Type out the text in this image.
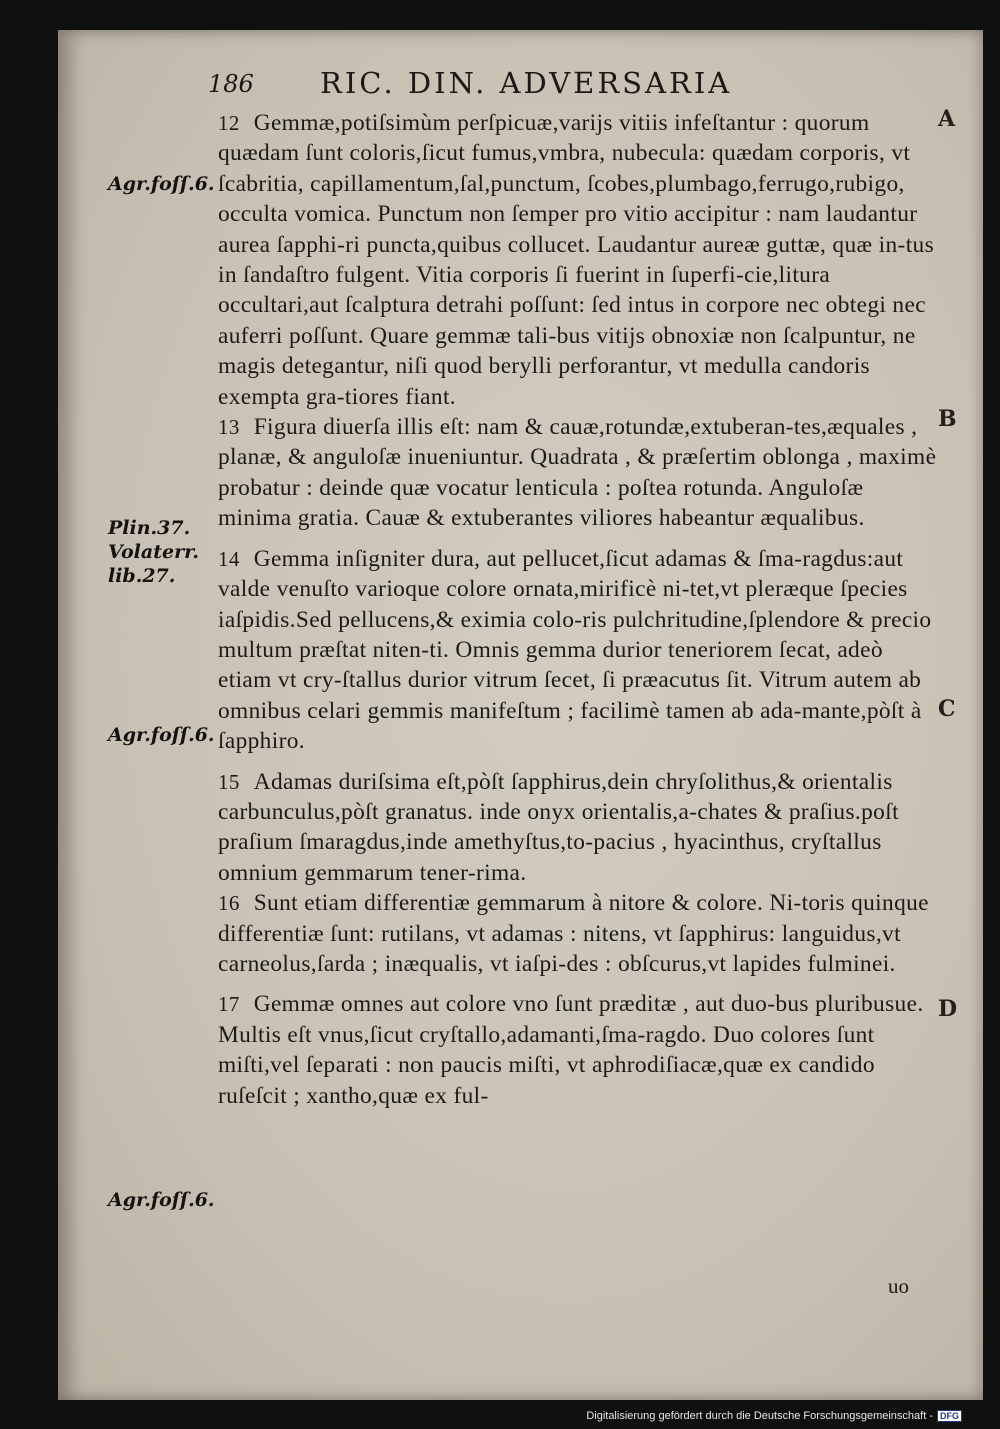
186 RIC. DIN. ADVERSARIA

12 Gemmæ,potiſsimùm perſpicuæ,varijs vitiis infeſtantur : quorum quædam ſunt coloris,ſicut fumus,vmbra, nubecula: quædam corporis, vt ſcabritia, capillamentum,ſal,punctum, ſcobes,plumbago,ferrugo,rubigo, occulta vomica. Punctum non ſemper pro vitio accipitur : nam laudantur aurea ſapphi-ri puncta,quibus collucet. Laudantur aureæ guttæ, quæ in-tus in ſandaſtro fulgent. Vitia corporis ſi fuerint in ſuperfi-cie,litura occultari,aut ſcalptura detrahi poſſunt: ſed intus in corpore nec obtegi nec auferri poſſunt. Quare gemmæ tali-bus vitijs obnoxiæ non ſcalpuntur, ne magis detegantur, niſi quod berylli perforantur, vt medulla candoris exempta gra-tiores fiant.

13 Figura diuerſa illis eſt: nam & cauæ,rotundæ,extuberan-tes,æquales , planæ, & anguloſæ inueniuntur. Quadrata , & præſertim oblonga , maximè probatur : deinde quæ vocatur lenticula : poſtea rotunda. Anguloſæ minima gratia. Cauæ & extuberantes viliores habeantur æqualibus.

14 Gemma inſigniter dura, aut pellucet,ſicut adamas & ſma-ragdus:aut valde venuſto varioque colore ornata,mirificè ni-tet,vt pleræque ſpecies iaſpidis.Sed pellucens,& eximia colo-ris pulchritudine,ſplendore & precio multum præſtat niten-ti. Omnis gemma durior teneriorem ſecat, adeò etiam vt cry-ſtallus durior vitrum ſecet, ſi præacutus ſit. Vitrum autem ab omnibus celari gemmis manifeſtum ; facilimè tamen ab ada-mante,pòſt à ſapphiro.

15 Adamas duriſsima eſt,pòſt ſapphirus,dein chryſolithus,& orientalis carbunculus,pòſt granatus. inde onyx orientalis,a-chates & praſius.poſt praſium ſmaragdus,inde amethyſtus,to-pacius , hyacinthus, cryſtallus omnium gemmarum tener-rima.

16 Sunt etiam differentiæ gemmarum à nitore & colore. Ni-toris quinque differentiæ ſunt: rutilans, vt adamas : nitens, vt ſapphirus: languidus,vt carneolus,ſarda ; inæqualis, vt iaſpi-des : obſcurus,vt lapides fulminei.

17 Gemmæ omnes aut colore vno ſunt præditæ , aut duo-bus pluribusue. Multis eſt vnus,ſicut cryſtallo,adamanti,ſma-ragdo. Duo colores ſunt miſti,vel ſeparati : non paucis miſti, vt aphrodiſiacæ,quæ ex candido ruſeſcit ; xantho,quæ ex ful-

Agr.foſſ.6.
Plin.37. Volaterr. lib.27.
Agr.foſſ.6.
Agr.foſſ.6.
A
B
C
D
uo
Digitalisierung gefördert durch die Deutsche Forschungsgemeinschaft - DFG
